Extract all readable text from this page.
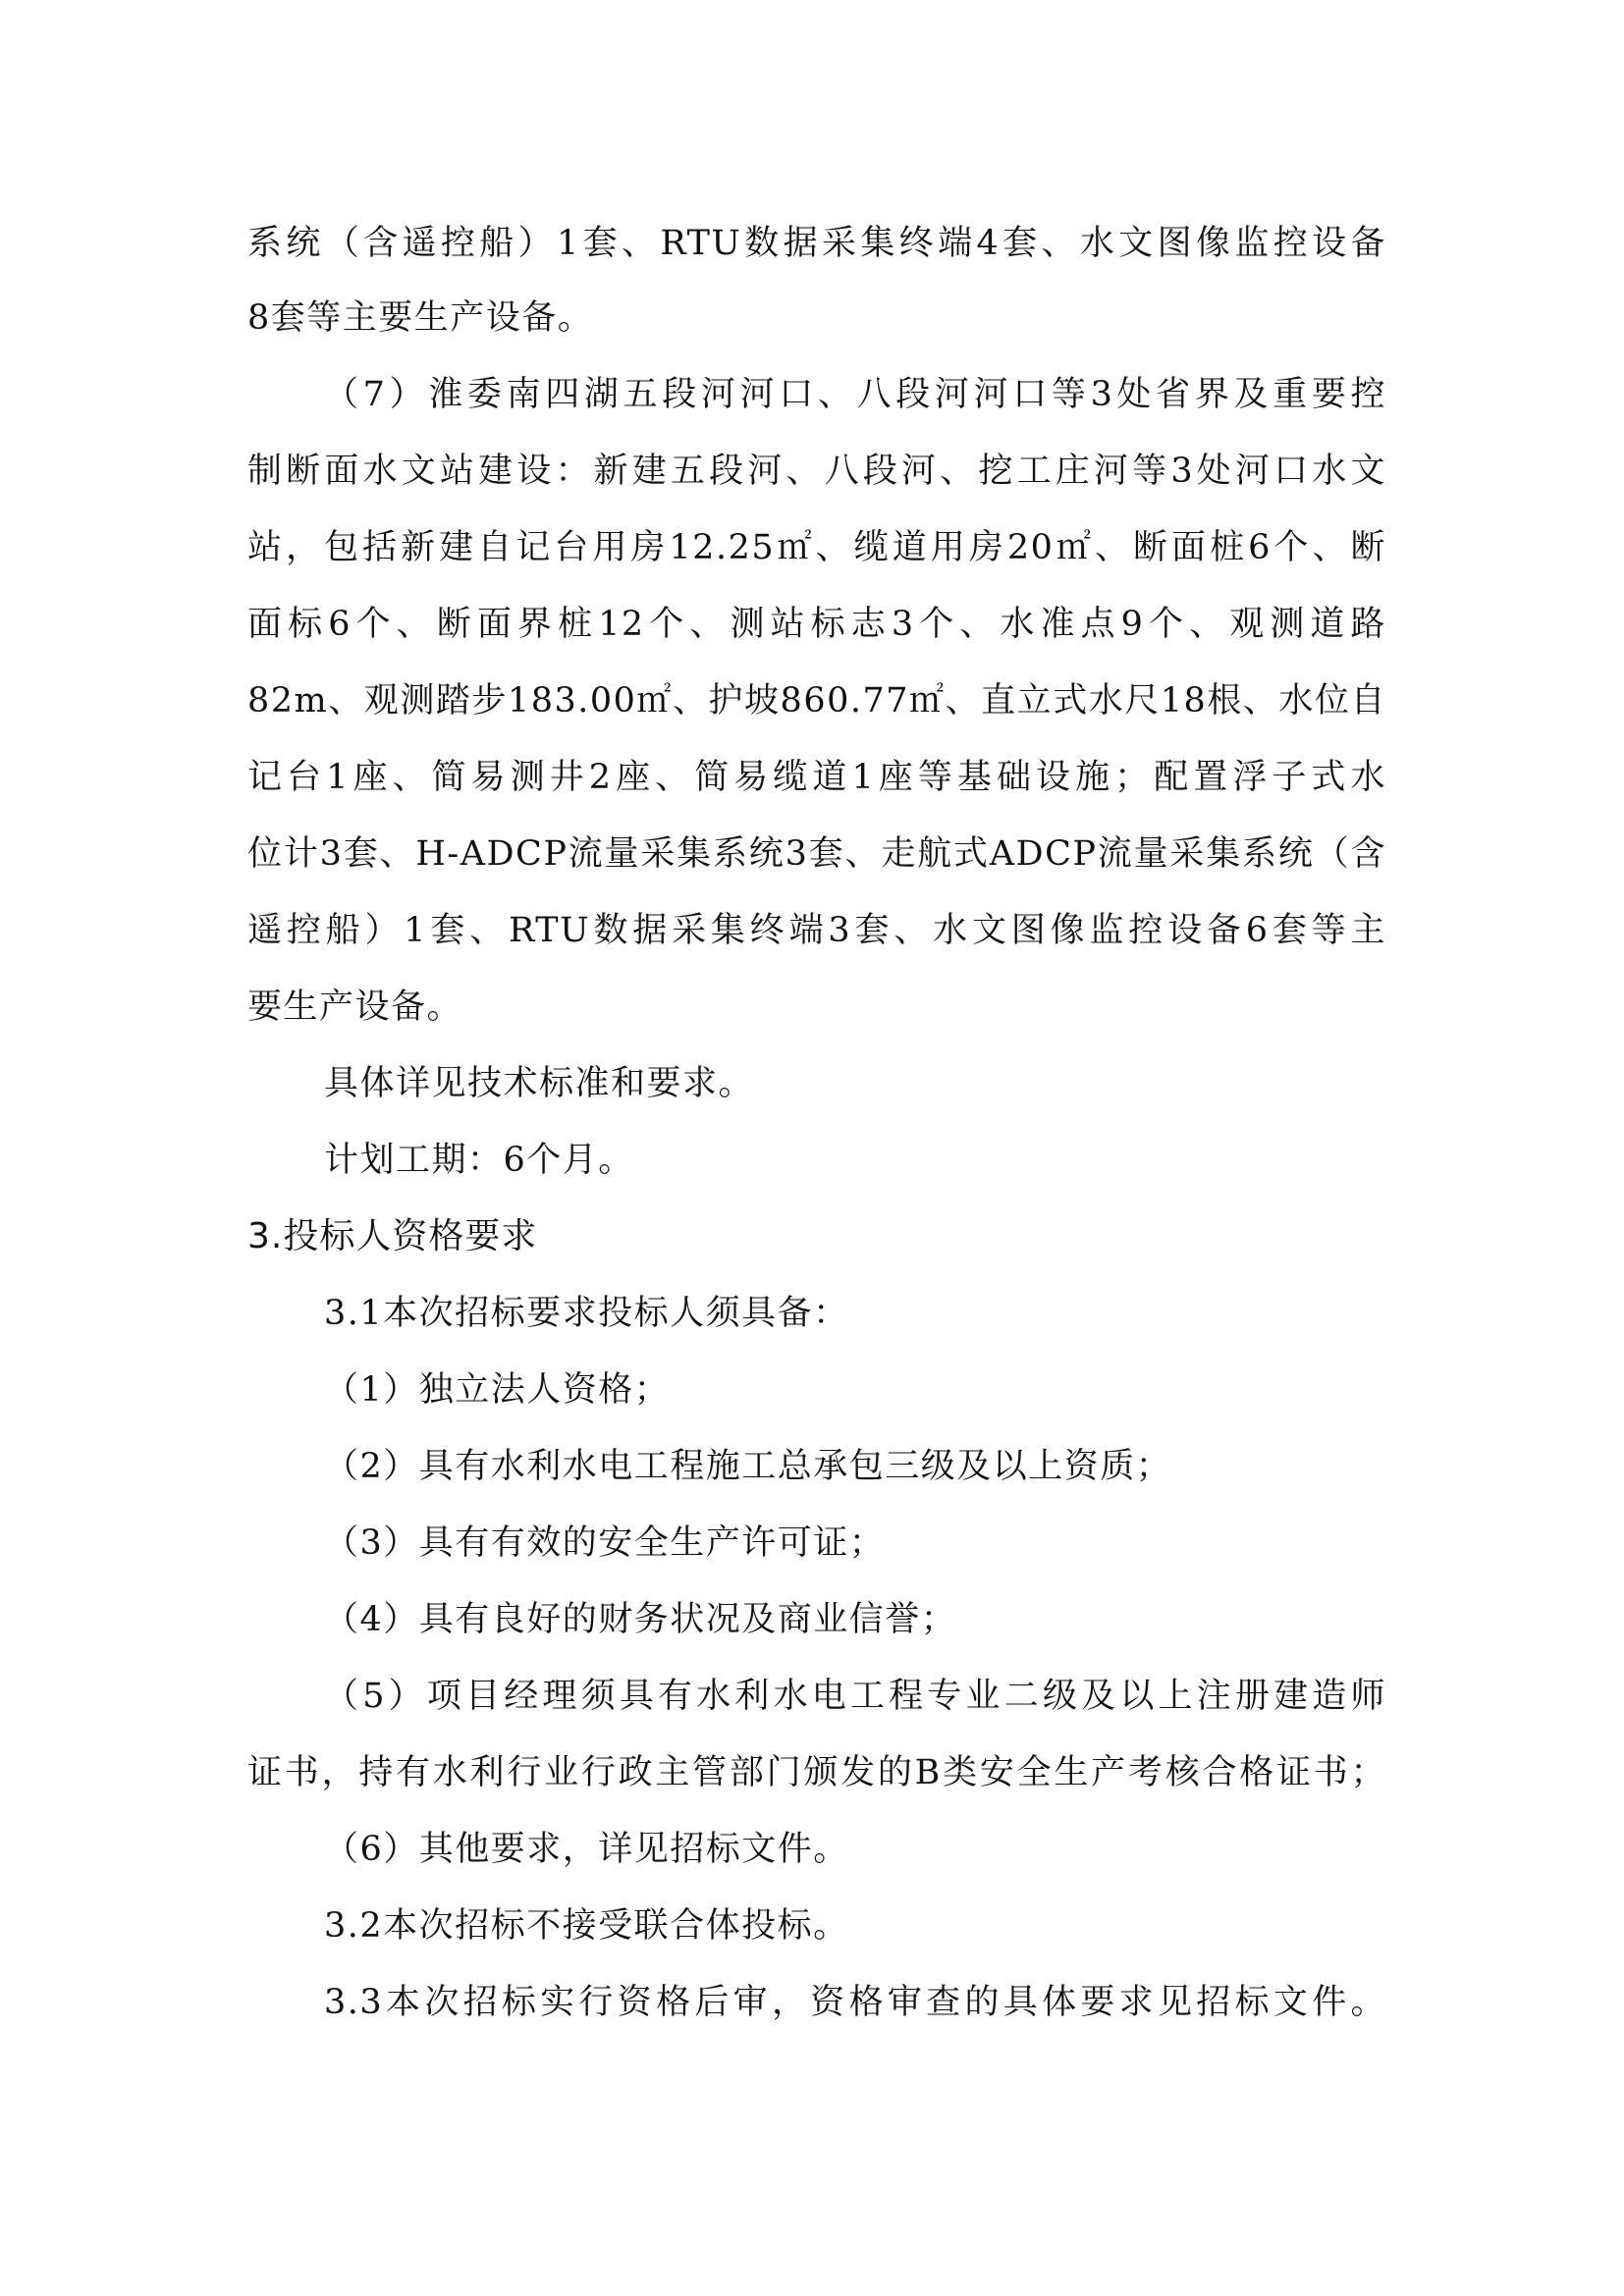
系统（含遥控船）1套、RTU数据采集终端4套、水文图像监控设备
8套等主要生产设备。
（7）淮委南四湖五段河河口、八段河河口等3处省界及重要控
制断面水文站建设：新建五段河、八段河、挖工庄河等3处河口水文
站，包括新建自记台用房12.25㎡、缆道用房20㎡、断面桩6个、断
面标6个、断面界桩12个、测站标志3个、水准点9个、观测道路
82m、观测踏步183.00㎡、护坡860.77㎡、直立式水尺18根、水位自
记台1座、简易测井2座、简易缆道1座等基础设施；配置浮子式水
位计3套、H-ADCP流量采集系统3套、走航式ADCP流量采集系统（含
遥控船）1套、RTU数据采集终端3套、水文图像监控设备6套等主
要生产设备。
具体详见技术标准和要求。
计划工期：6个月。
3.投标人资格要求
3.1本次招标要求投标人须具备：
（1）独立法人资格；
（2）具有水利水电工程施工总承包三级及以上资质；
（3）具有有效的安全生产许可证；
（4）具有良好的财务状况及商业信誉；
（5）项目经理须具有水利水电工程专业二级及以上注册建造师
证书，持有水利行业行政主管部门颁发的B类安全生产考核合格证书；
（6）其他要求，详见招标文件。
3.2本次招标不接受联合体投标。
3.3本次招标实行资格后审，资格审查的具体要求见招标文件。
